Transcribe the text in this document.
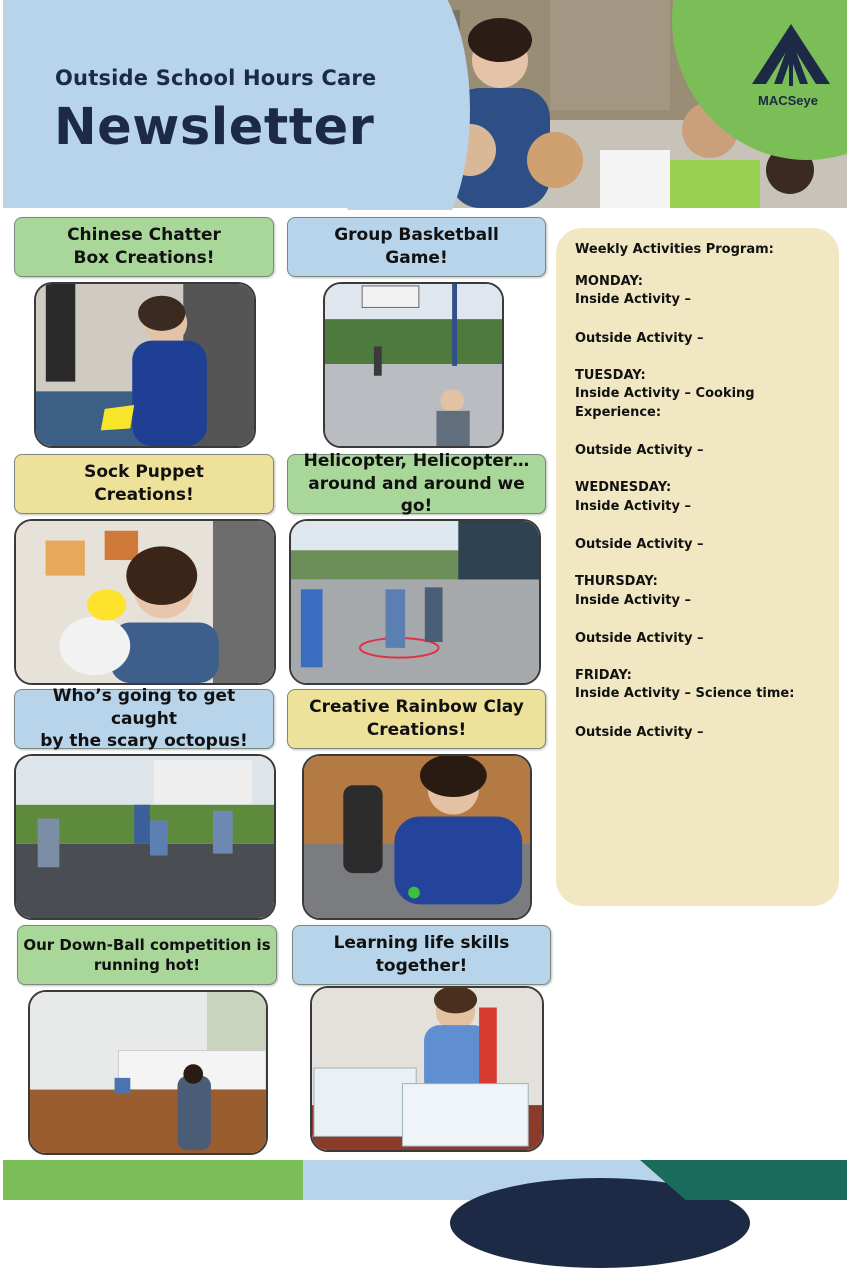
Outside School Hours Care
Newsletter	MACSeye
Chinese Chatter
Box Creations!
Group Basketball
Game!
Sock Puppet
Creations!
Helicopter, Helicopter…
around and around we go!
Who’s going to get caught
by the scary octopus!
Creative Rainbow Clay
Creations!
Our Down-Ball competition is
running hot!
Learning life skills
together!
Weekly Activities Program:
MONDAY:
Inside Activity –
Outside Activity –
TUESDAY:
Inside Activity – Cooking
Experience:
Outside Activity –
WEDNESDAY:
Inside Activity –
Outside Activity –
THURSDAY:
Inside Activity –
Outside Activity –
FRIDAY:
Inside Activity – Science time:
Outside Activity –
